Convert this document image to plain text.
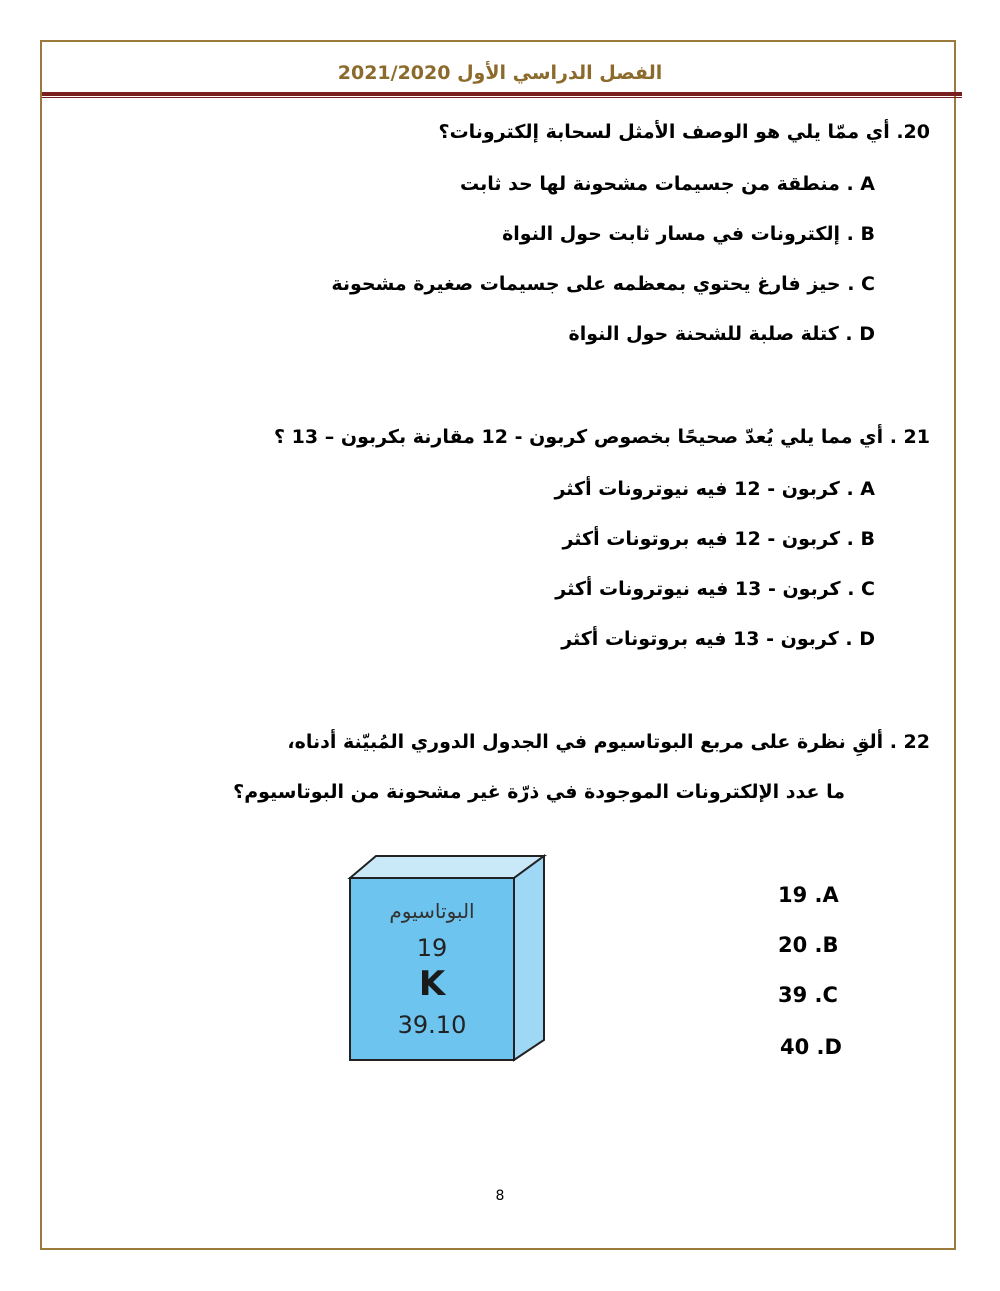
الفصل الدراسي الأول 2021/2020
20. أي ممّا يلي هو الوصف الأمثل لسحابة إلكترونات؟
A . منطقة من جسيمات مشحونة لها حد ثابت
B . إلكترونات في مسار ثابت حول النواة
C . حيز فارغ يحتوي بمعظمه على جسيمات صغيرة مشحونة
D . كتلة صلبة للشحنة حول النواة
21 . أي مما يلي يُعدّ صحيحًا بخصوص كربون - 12 مقارنة بكربون – 13 ؟
A . كربون - 12 فيه نيوترونات أكثر
B . كربون - 12 فيه بروتونات أكثر
C . كربون - 13 فيه نيوترونات أكثر
D . كربون - 13 فيه بروتونات أكثر
22 . ألقِ نظرة على مربع البوتاسيوم في الجدول الدوري المُبيّنة أدناه،
ما عدد الإلكترونات الموجودة في ذرّة غير مشحونة من البوتاسيوم؟
البوتاسيوم
19
K
39.10
19 .A
20 .B
39 .C
40 .D
8
